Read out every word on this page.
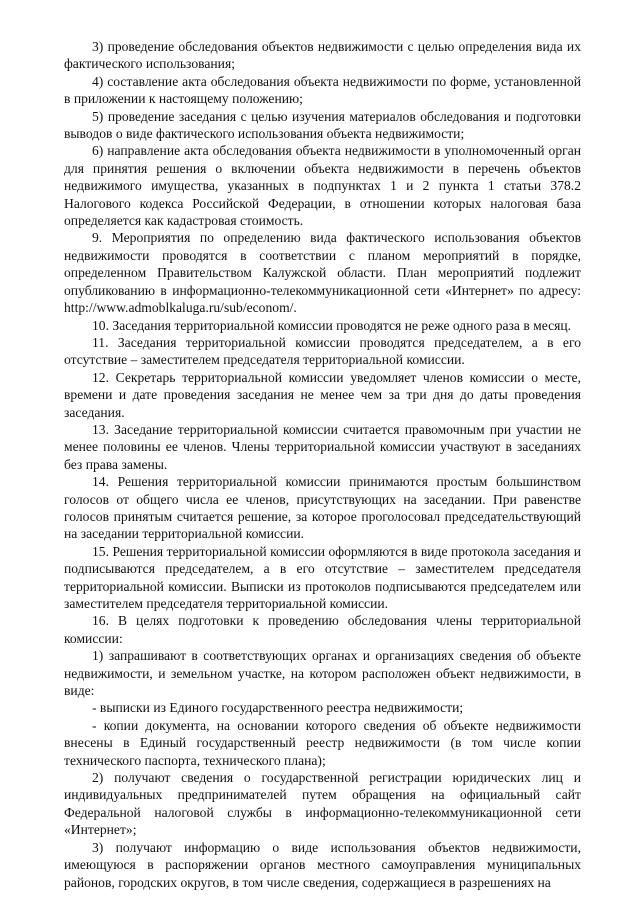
3) проведение обследования объектов недвижимости с целью определения вида их фактического использования;

4) составление акта обследования объекта недвижимости по форме, установленной в приложении к настоящему положению;

5) проведение заседания с целью изучения материалов обследования и подготовки выводов о виде фактического использования объекта недвижимости;

6) направление акта обследования объекта недвижимости в уполномоченный орган для принятия решения о включении объекта недвижимости в перечень объектов недвижимого имущества, указанных в подпунктах 1 и 2 пункта 1 статьи 378.2 Налогового кодекса Российской Федерации, в отношении которых налоговая база определяется как кадастровая стоимость.

9. Мероприятия по определению вида фактического использования объектов недвижимости проводятся в соответствии с планом мероприятий в порядке, определенном Правительством Калужской области. План мероприятий подлежит опубликованию в информационно-телекоммуникационной сети «Интернет» по адресу: http://www.admoblkaluga.ru/sub/econom/.

10. Заседания территориальной комиссии проводятся не реже одного раза в месяц.

11. Заседания территориальной комиссии проводятся председателем, а в его отсутствие – заместителем председателя территориальной комиссии.

12. Секретарь территориальной комиссии уведомляет членов комиссии о месте, времени и дате проведения заседания не менее чем за три дня до даты проведения заседания.

13. Заседание территориальной комиссии считается правомочным при участии не менее половины ее членов. Члены территориальной комиссии участвуют в заседаниях без права замены.

14. Решения территориальной комиссии принимаются простым большинством голосов от общего числа ее членов, присутствующих на заседании. При равенстве голосов принятым считается решение, за которое проголосовал председательствующий на заседании территориальной комиссии.

15. Решения территориальной комиссии оформляются в виде протокола заседания и подписываются председателем, а в его отсутствие – заместителем председателя территориальной комиссии. Выписки из протоколов подписываются председателем или заместителем председателя территориальной комиссии.

16. В целях подготовки к проведению обследования члены территориальной комиссии:

1) запрашивают в соответствующих органах и организациях сведения об объекте недвижимости, и земельном участке, на котором расположен объект недвижимости, в виде:

- выписки из Единого государственного реестра недвижимости;

- копии документа, на основании которого сведения об объекте недвижимости внесены в Единый государственный реестр недвижимости (в том числе копии технического паспорта, технического плана);

2) получают сведения о государственной регистрации юридических лиц и индивидуальных предпринимателей путем обращения на официальный сайт Федеральной налоговой службы в информационно-телекоммуникационной сети «Интернет»;

3) получают информацию о виде использования объектов недвижимости, имеющуюся в распоряжении органов местного самоуправления муниципальных районов, городских округов, в том числе сведения, содержащиеся в разрешениях на
